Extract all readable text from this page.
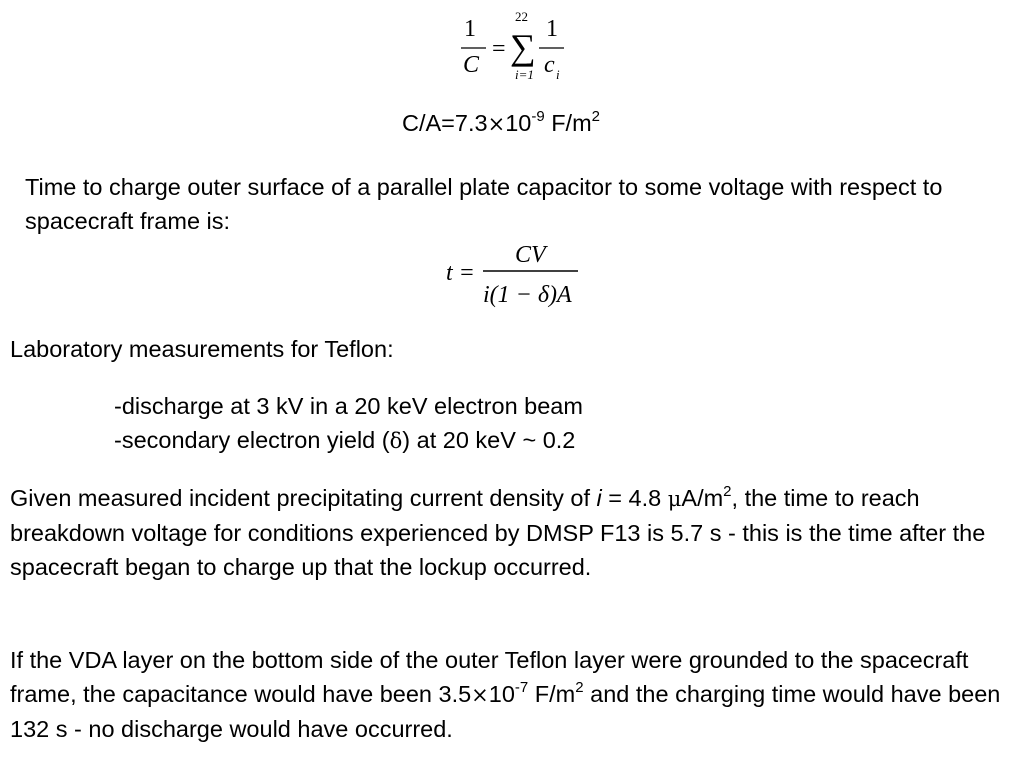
1
C
=
22
∑
i=1
1
c i
$C/A=7.3\times 10^{-9}$ $F/m^2$

Time to charge outer surface of a parallel plate capacitor to some voltage with respect to spacecraft frame is:

t =
CV
i(1 − δ)A

Laboratory measurements for Teflon:

-discharge at 3 kV in a 20 keV electron beam

-secondary electron yield (δ) at 20 keV ~ 0.2

Given measured incident precipitating current density of i = 4.8 $\mu A/m^2$, the time to reach breakdown voltage for conditions experienced by DMSP F13 is 5.7 s - this is the time after the spacecraft began to charge up that the lockup occurred.

If the VDA layer on the bottom side of the outer Teflon layer were grounded to the spacecraft frame, the capacitance would have been $3.5\times 10^{-7}$ $F/m^2$ and the charging time would have been 132 s - no discharge would have occurred.
